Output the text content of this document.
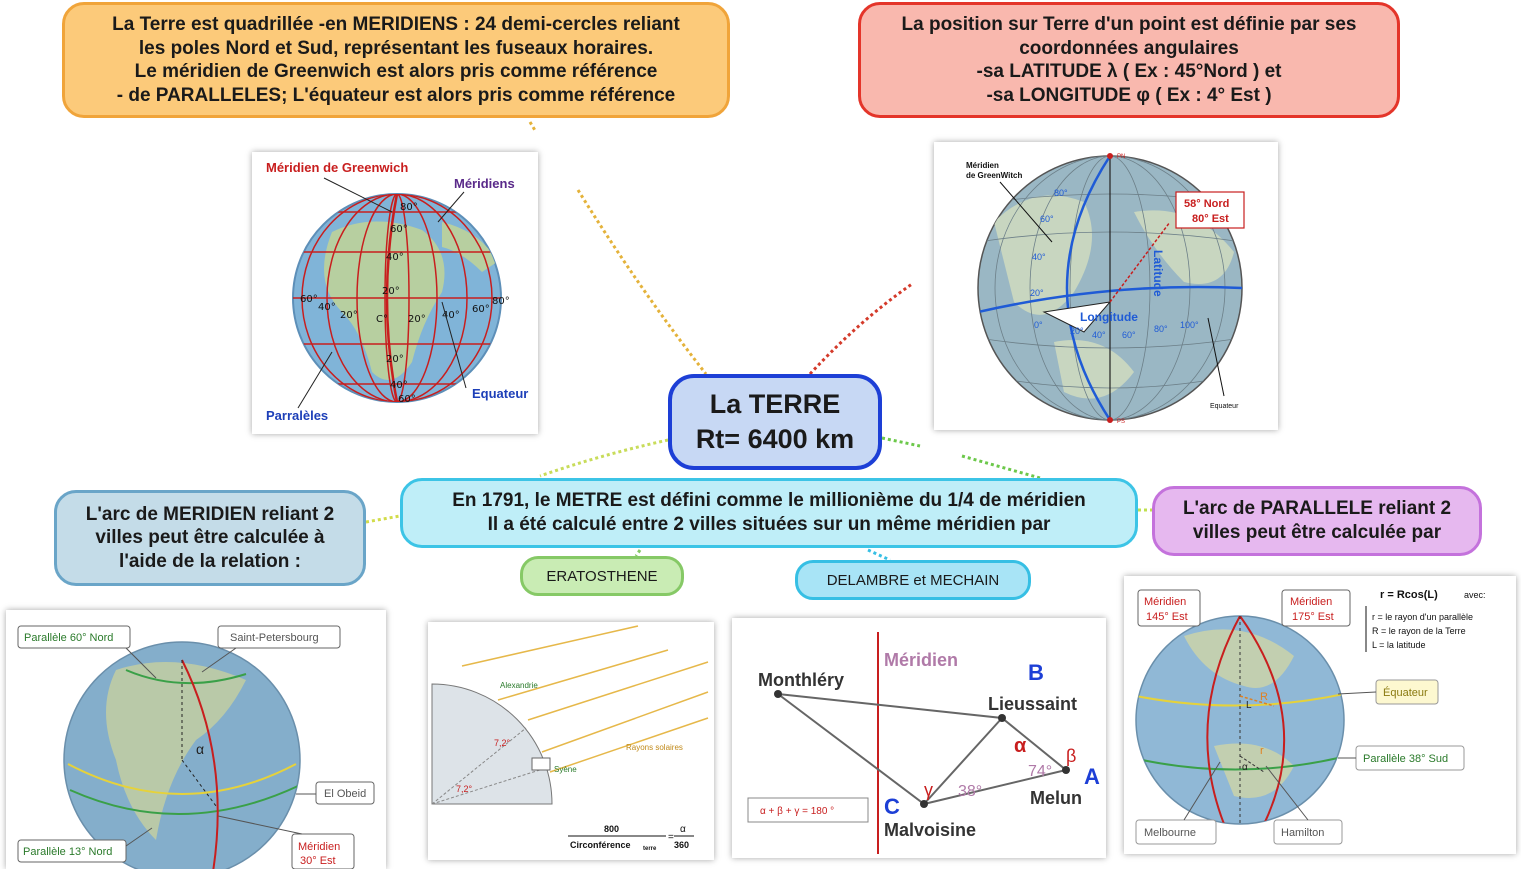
80°
60°
40°
20°
20°
40°
60°
60°
40°
20° C° 20° 40°
60°
80°
Méridien de Greenwich
Méridiens
Parralèles
Equateur
58° Nord
80° Est
Méridien
de GreenWitch
PN
PS
Latitude
Longitude
Equateur
80°
60°
40°
20°
0°
20° 40° 60°
80° 100°
α
Parallèle 60° Nord	Saint-Petersbourg
El Obeid
Parallèle 13° Nord	Méridien
30° Est
Alexandrie
Syène
Rayons solaires
7,2°
7,2°
800
Circonférence terre
=
α
360
Monthléry
Méridien	B
Lieussaint
α β
A
γ 38°
74°
Melun
C
Malvoisine
α + β + γ = 180 °
R
r
L
α
Méridien
145° Est
Méridien
175° Est
r = Rcos(L)	avec:
r = le rayon d'un parallèle
R = le rayon de la Terre
L = la latitude
Équateur
Parallèle 38° Sud
Melbourne	Hamilton
La Terre est quadrillée -en MERIDIENS : 24 demi-cercles reliant
les poles Nord et Sud, représentant les fuseaux horaires.
Le méridien de Greenwich est alors pris comme référence
- de PARALLELES; L'équateur est alors pris comme référence
La position sur Terre d'un point est définie par ses
coordonnées angulaires
-sa LATITUDE λ ( Ex : 45°Nord ) et
-sa LONGITUDE φ ( Ex : 4° Est )
La TERRE
Rt= 6400 km
En 1791, le METRE est défini comme le millionième du 1/4 de méridien
Il a été calculé entre 2 villes situées sur un même méridien par
L'arc de MERIDIEN reliant 2
villes peut être calculée à
l'aide de la relation :
L'arc de PARALLELE reliant 2
villes peut être calculée par
ERATOSTHENE	DELAMBRE et MECHAIN
